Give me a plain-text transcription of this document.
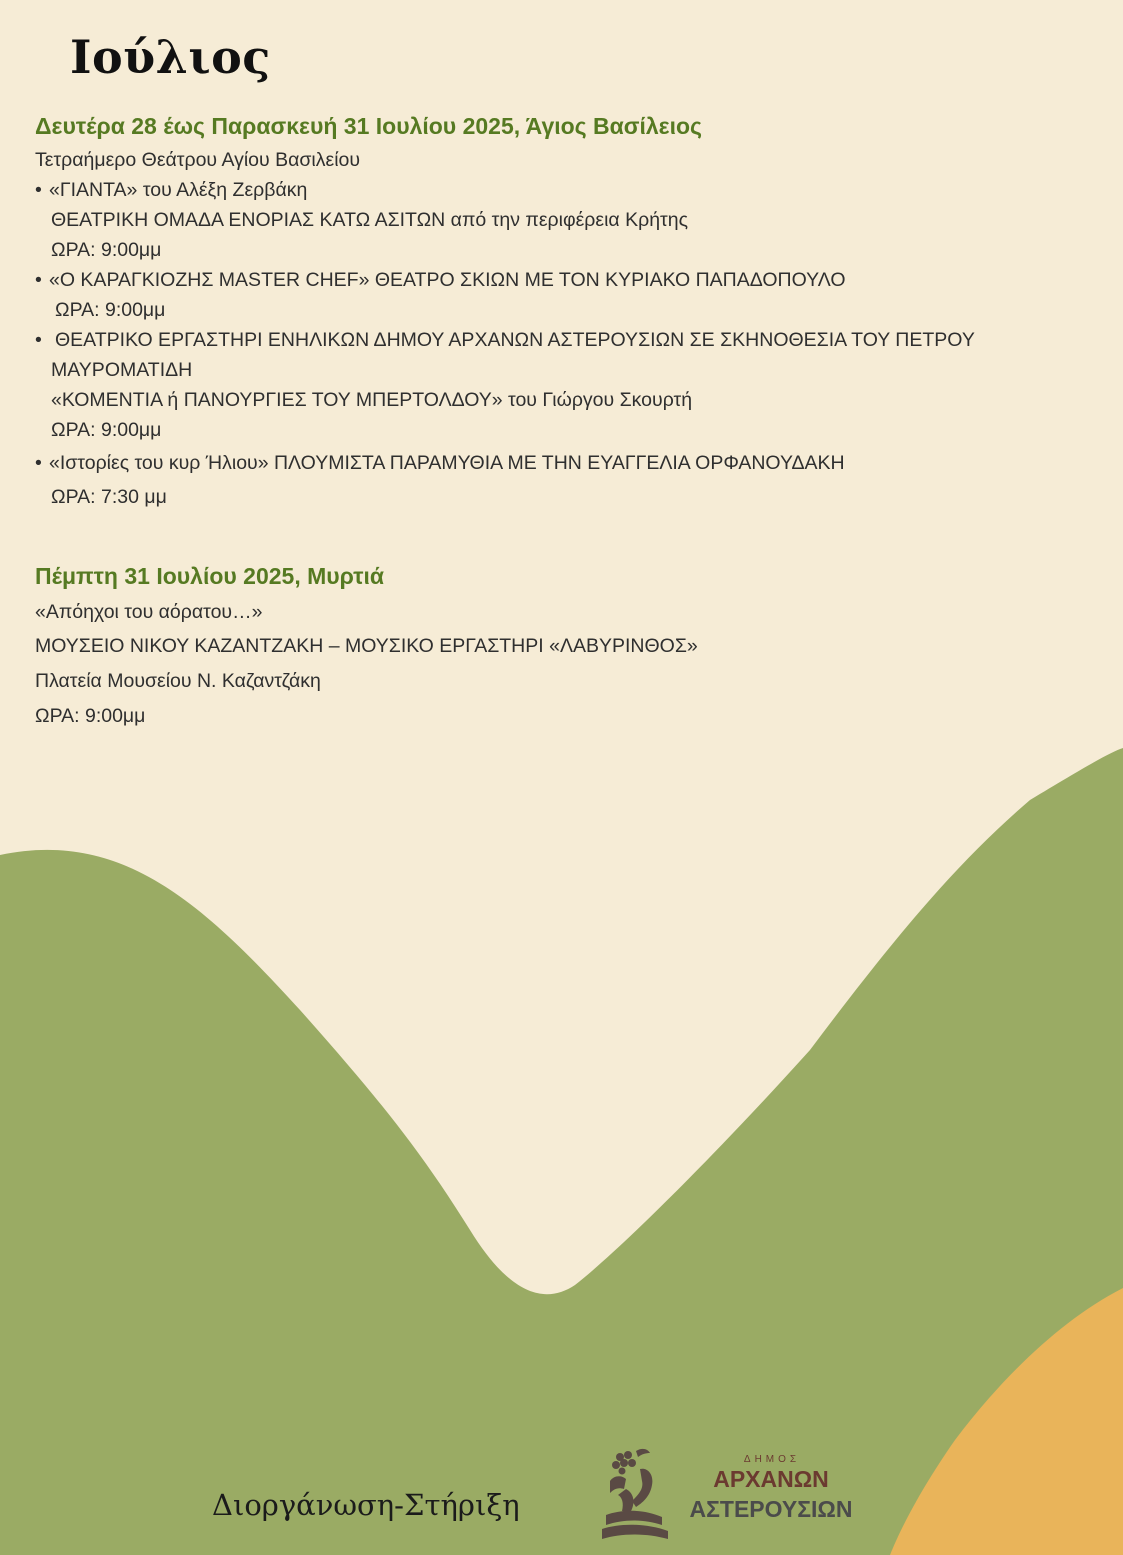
Ιούλιος
Δευτέρα 28 έως Παρασκευή 31 Ιουλίου 2025, Άγιος Βασίλειος
Τετραήμερο Θεάτρου Αγίου Βασιλείου
• «ΓΙΑΝΤΑ» του Αλέξη Ζερβάκη
ΘΕΑΤΡΙΚΗ ΟΜΑΔΑ ΕΝΟΡΙΑΣ ΚΑΤΩ ΑΣΙΤΩΝ από την περιφέρεια Κρήτης
ΩΡΑ: 9:00μμ
• «Ο ΚΑΡΑΓΚΙΟΖΗΣ MASTER CHEF» ΘΕΑΤΡΟ ΣΚΙΩΝ ΜΕ ΤΟΝ ΚΥΡΙΑΚΟ ΠΑΠΑΔΟΠΟΥΛΟ
ΩΡΑ: 9:00μμ
• ΘΕΑΤΡΙΚΟ ΕΡΓΑΣΤΗΡΙ ΕΝΗΛΙΚΩΝ ΔΗΜΟΥ ΑΡΧΑΝΩΝ ΑΣΤΕΡΟΥΣΙΩΝ ΣΕ ΣΚΗΝΟΘΕΣΙΑ ΤΟΥ ΠΕΤΡΟΥ
ΜΑΥΡΟΜΑΤΙΔΗ
«ΚΟΜΕΝΤΙΑ ή ΠΑΝΟΥΡΓΙΕΣ ΤΟΥ ΜΠΕΡΤΟΛΔΟΥ» του Γιώργου Σκουρτή
ΩΡΑ: 9:00μμ
• «Ιστορίες του κυρ Ήλιου» ΠΛΟΥΜΙΣΤΑ ΠΑΡΑΜΥΘΙΑ ΜΕ ΤΗΝ ΕΥΑΓΓΕΛΙΑ ΟΡΦΑΝΟΥΔΑΚΗ
ΩΡΑ: 7:30 μμ
Πέμπτη 31 Ιουλίου 2025, Μυρτιά
«Απόηχοι του αόρατου…»
ΜΟΥΣΕΙΟ ΝΙΚΟΥ ΚΑΖΑΝΤΖΑΚΗ – ΜΟΥΣΙΚΟ ΕΡΓΑΣΤΗΡΙ «ΛΑΒΥΡΙΝΘΟΣ»
Πλατεία Μουσείου Ν. Καζαντζάκη
ΩΡΑ: 9:00μμ
Διοργάνωση-Στήριξη
ΔΗΜΟΣ
ΑΡΧΑΝΩΝ
ΑΣΤΕΡΟΥΣΙΩΝ
